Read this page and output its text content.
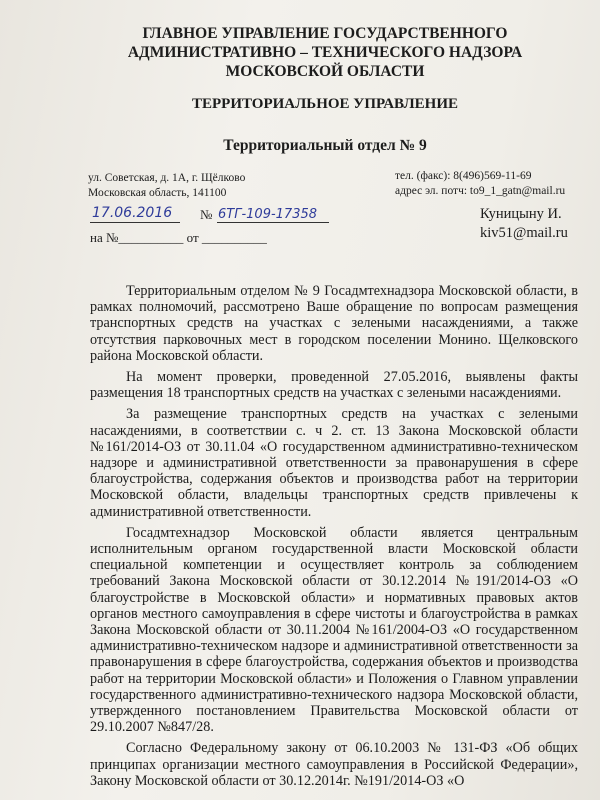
ГЛАВНОЕ УПРАВЛЕНИЕ ГОСУДАРСТВЕННОГО
АДМИНИСТРАТИВНО – ТЕХНИЧЕСКОГО НАДЗОРА
МОСКОВСКОЙ ОБЛАСТИ
ТЕРРИТОРИАЛЬНОЕ УПРАВЛЕНИЕ
Территориальный отдел № 9
ул. Советская, д. 1А, г. Щёлково
Московская область, 141100
тел. (факс): 8(496)569-11-69
адрес эл. потч: to9_1_gatn@mail.ru
17.06.2016 № 6ТГ-109-17358
на №__________ от __________
Куницыну И.
kiv51@mail.ru

Территориальным отделом № 9 Госадмтехнадзора Московской области, в рамках полномочий, рассмотрено Ваше обращение по вопросам размещения транспортных средств на участках с зелеными насаждениями, а также отсутствия парковочных мест в городском поселении Монино. Щелковского района Московской области.

На момент проверки, проведенной 27.05.2016, выявлены факты размещения 18 транспортных средств на участках с зелеными насаждениями.

За размещение транспортных средств на участках с зелеными насаждениями, в соответствии с. ч 2. ст. 13 Закона Московской области №161/2014-ОЗ от 30.11.04 «О государственном административно-техническом надзоре и административной ответственности за правонарушения в сфере благоустройства, содержания объектов и производства работ на территории Московской области, владельцы транспортных средств привлечены к административной ответственности.

Госадмтехнадзор Московской области является центральным исполнительным органом государственной власти Московской области специальной компетенции и осуществляет контроль за соблюдением требований Закона Московской области от 30.12.2014 №191/2014-ОЗ «О благоустройстве в Московской области» и нормативных правовых актов органов местного самоуправления в сфере чистоты и благоустройства в рамках Закона Московской области от 30.11.2004 №161/2004-ОЗ «О государственном административно-техническом надзоре и административной ответственности за правонарушения в сфере благоустройства, содержания объектов и производства работ на территории Московской области» и Положения о Главном управлении государственного административно-технического надзора Московской области, утвержденного постановлением Правительства Московской области от 29.10.2007 №847/28.

Согласно Федеральному закону от 06.10.2003 № 131-ФЗ «Об общих принципах организации местного самоуправления в Российской Федерации», Закону Московской области от 30.12.2014г. №191/2014-ОЗ «О
